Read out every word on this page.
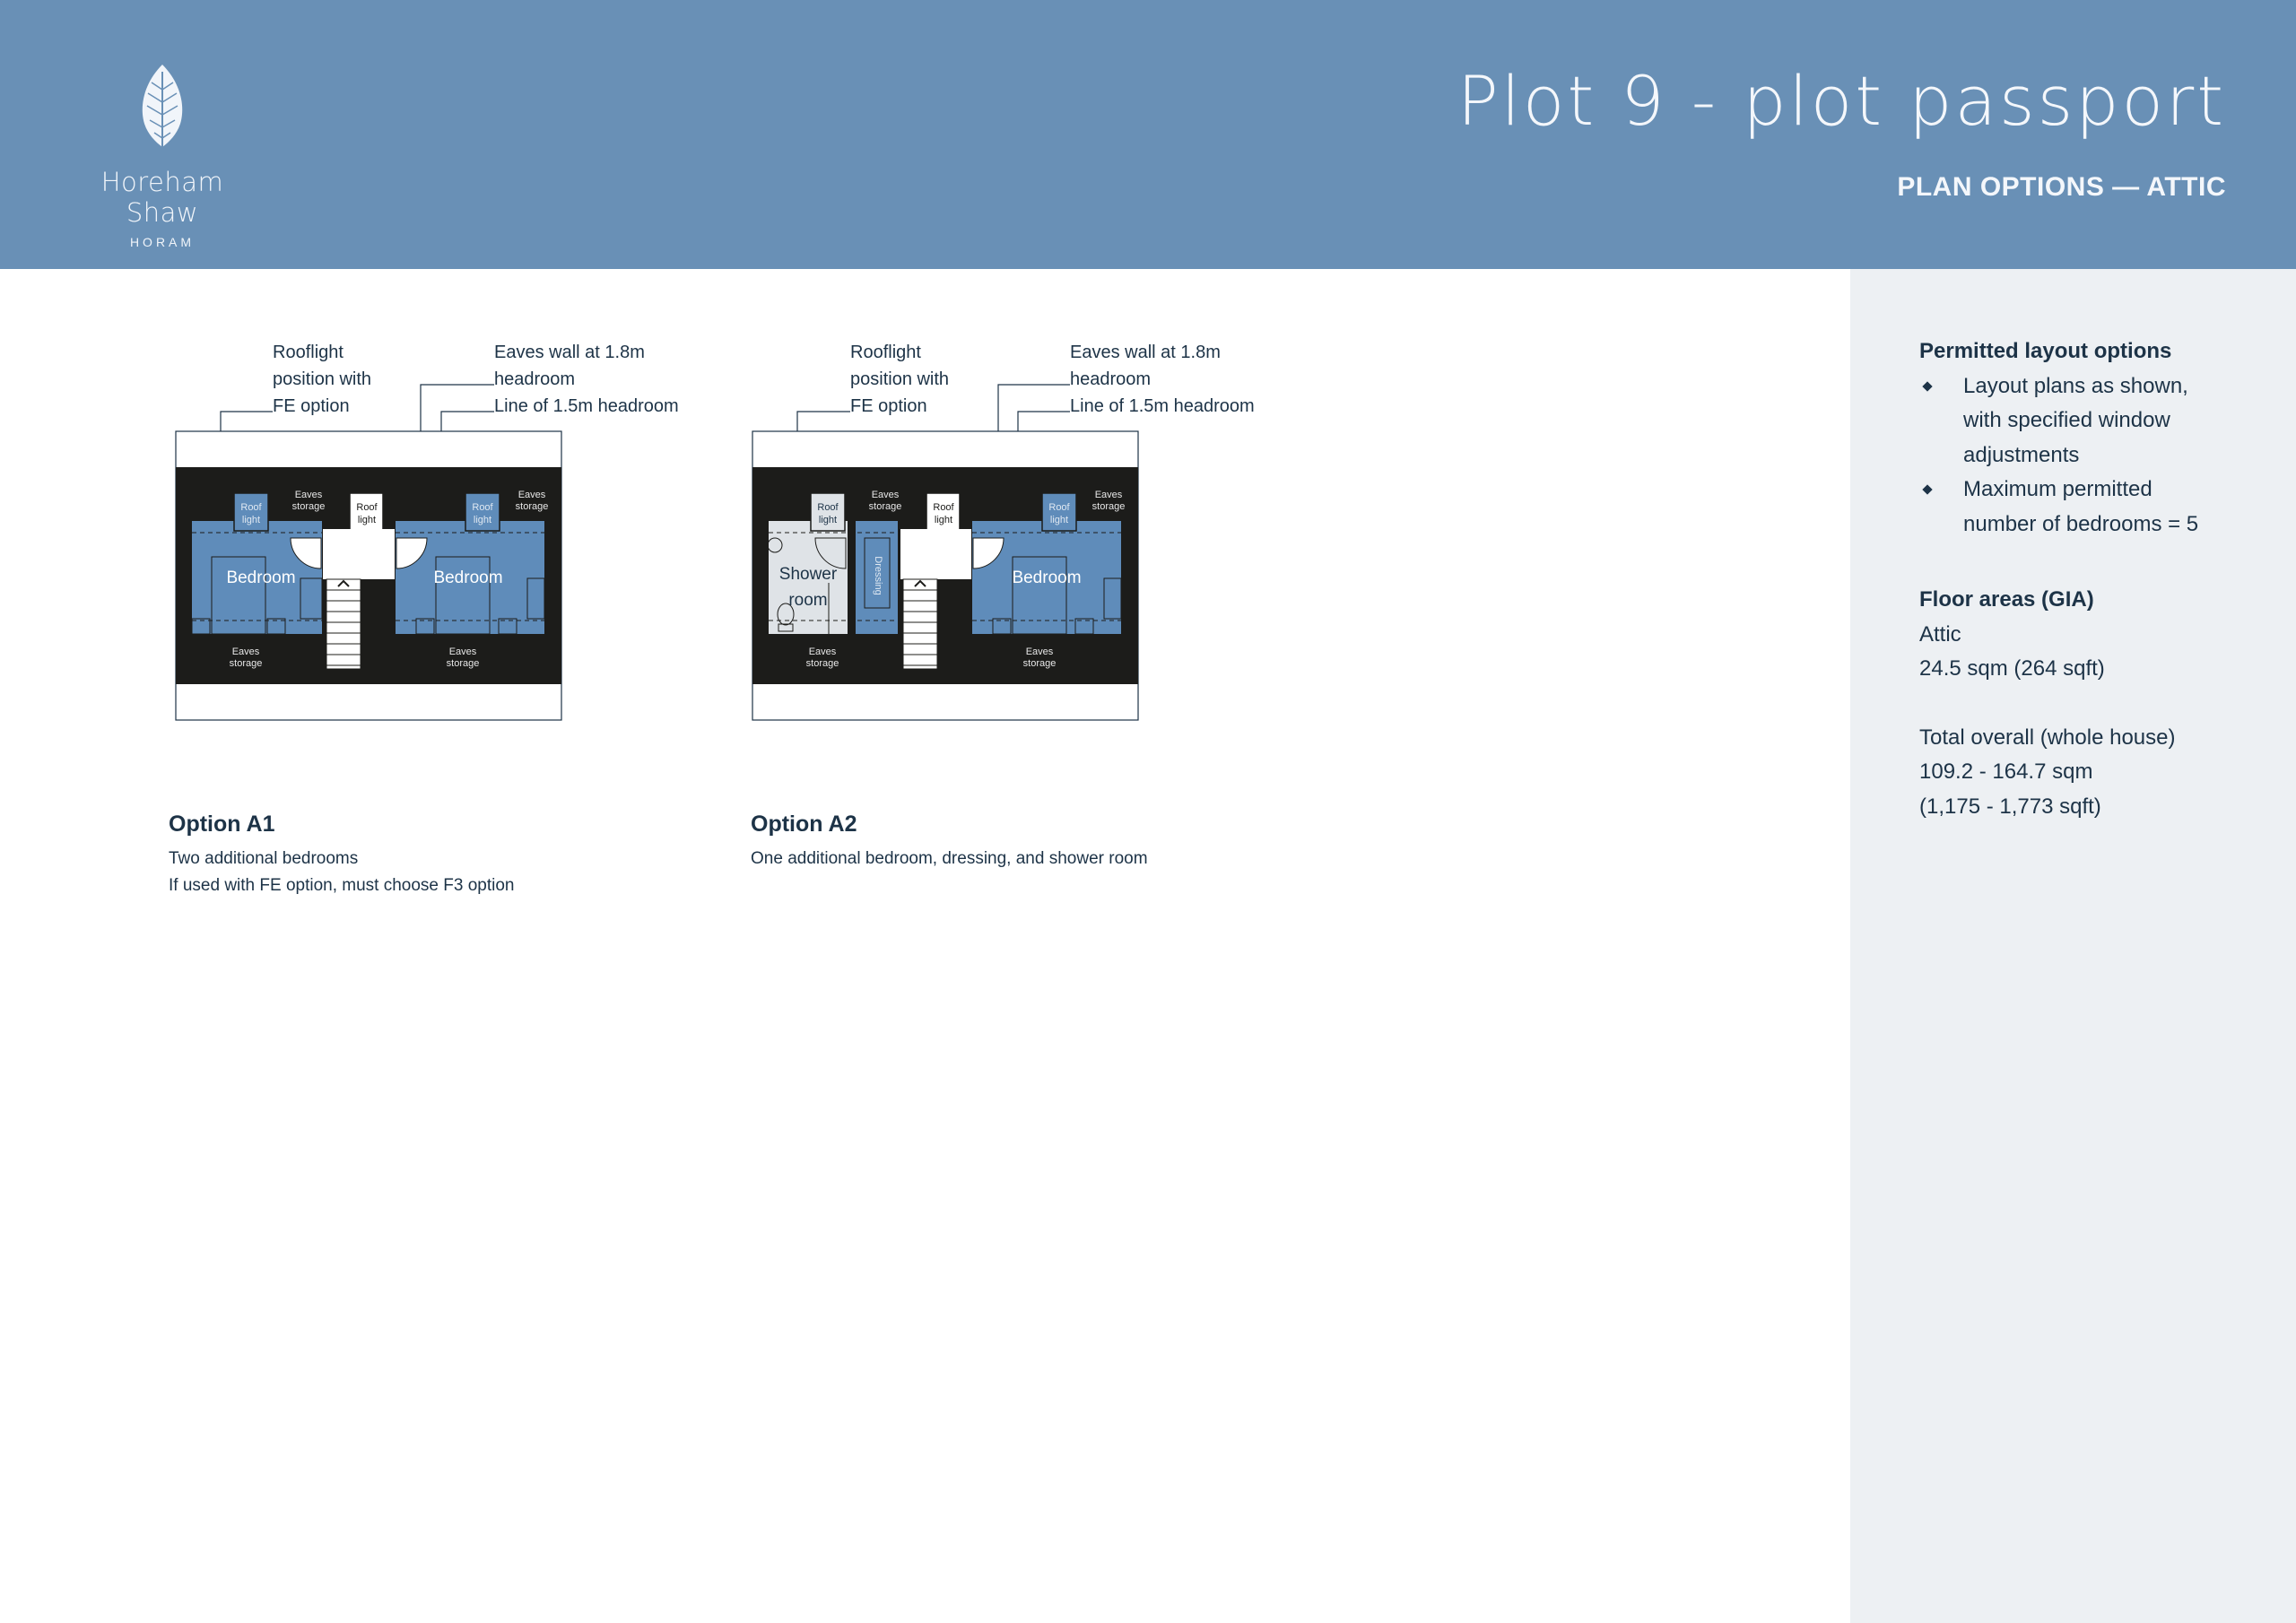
Horeham Shaw
HORAM
Plot 9 - plot passport
PLAN OPTIONS — ATTIC
Rooflight
position with
FE option
Eaves wall at 1.8m
headroom
Line of 1.5m headroom
Bedroom	Bedroom
Roof
light
Roof
light
Roof
light
Eaves
storage
Eaves
storage
Eaves
storage
Eaves
storage
Rooflight
position with
FE option
Eaves wall at 1.8m
headroom
Line of 1.5m headroom
Shower
room
Dressing	Bedroom
Roof
light
Roof
light
Roof
light
Eaves
storage
Eaves
storage
Eaves
storage
Eaves
storage
Option A1
Two additional bedrooms
If used with FE option, must choose F3 option
Option A2
One additional bedroom, dressing, and shower room
Permitted layout options
Layout plans as shown,
with specified window
adjustments
Maximum permitted
number of bedrooms = 5
Floor areas (GIA)
Attic
24.5 sqm (264 sqft)
Total overall (whole house)
109.2 - 164.7 sqm
(1,175 - 1,773 sqft)
